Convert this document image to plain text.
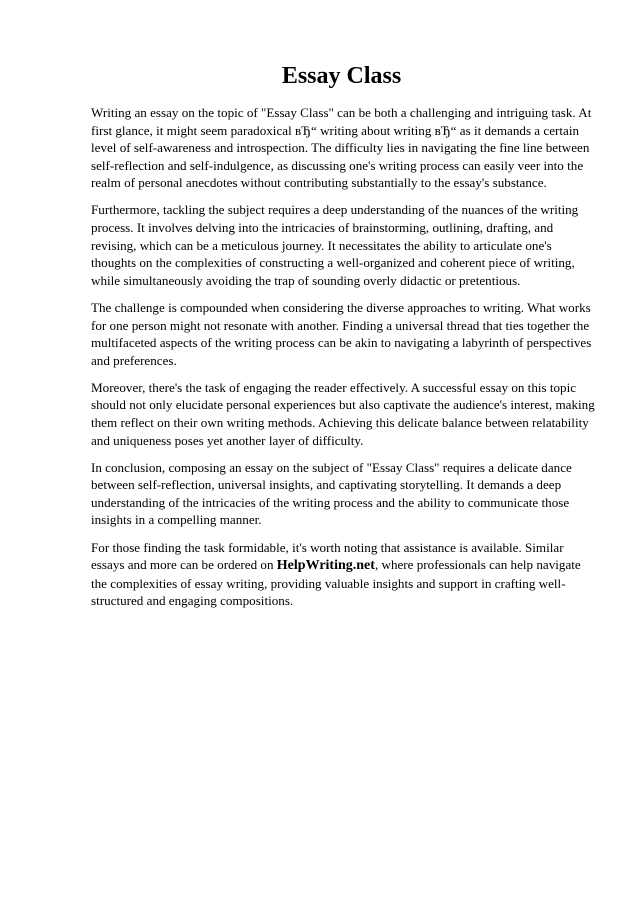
Essay Class

Writing an essay on the topic of "Essay Class" can be both a challenging and intriguing task. At first glance, it might seem paradoxical вЂ“ writing about writing вЂ“ as it demands a certain level of self-awareness and introspection. The difficulty lies in navigating the fine line between self-reflection and self-indulgence, as discussing one's writing process can easily veer into the realm of personal anecdotes without contributing substantially to the essay's substance.

Furthermore, tackling the subject requires a deep understanding of the nuances of the writing process. It involves delving into the intricacies of brainstorming, outlining, drafting, and revising, which can be a meticulous journey. It necessitates the ability to articulate one's thoughts on the complexities of constructing a well-organized and coherent piece of writing, while simultaneously avoiding the trap of sounding overly didactic or pretentious.

The challenge is compounded when considering the diverse approaches to writing. What works for one person might not resonate with another. Finding a universal thread that ties together the multifaceted aspects of the writing process can be akin to navigating a labyrinth of perspectives and preferences.

Moreover, there's the task of engaging the reader effectively. A successful essay on this topic should not only elucidate personal experiences but also captivate the audience's interest, making them reflect on their own writing methods. Achieving this delicate balance between relatability and uniqueness poses yet another layer of difficulty.

In conclusion, composing an essay on the subject of "Essay Class" requires a delicate dance between self-reflection, universal insights, and captivating storytelling. It demands a deep understanding of the intricacies of the writing process and the ability to communicate those insights in a compelling manner.

For those finding the task formidable, it's worth noting that assistance is available. Similar essays and more can be ordered on HelpWriting.net, where professionals can help navigate the complexities of essay writing, providing valuable insights and support in crafting well-structured and engaging compositions.
